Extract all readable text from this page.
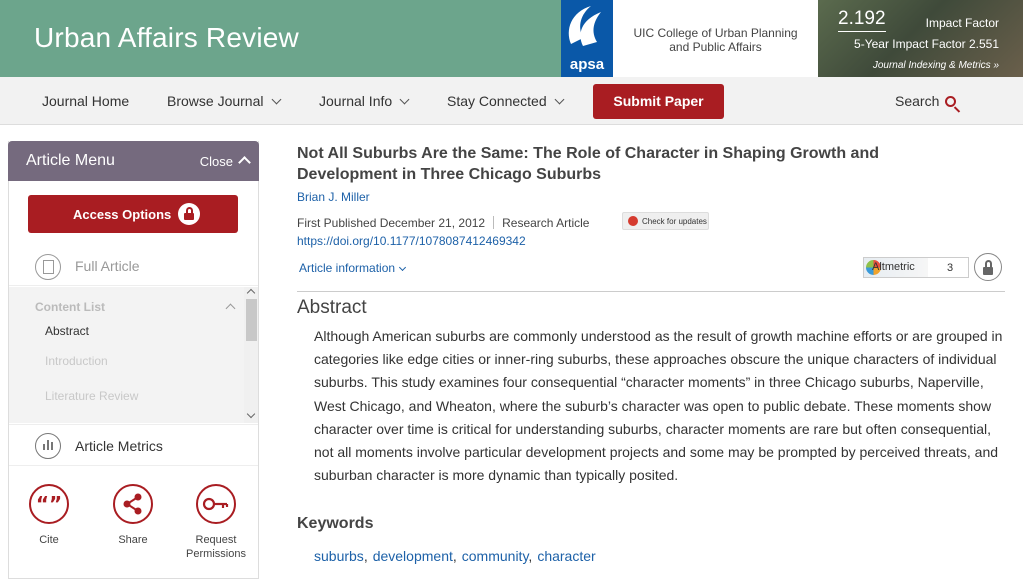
Urban Affairs Review
apsa
UIC College of Urban Planning
and Public Affairs
2.192	Impact Factor
5-Year Impact Factor 2.551
Journal Indexing & Metrics »
Journal Home	Browse Journal	Journal Info	Stay Connected	Submit Paper	Search
Article Menu	Close
Access Options
Full Article
Content List
Abstract
Introduction
Literature Review
Article Metrics
“”
Cite	Share	Request
Permissions
Not All Suburbs Are the Same: The Role of Character in Shaping Growth and Development in Three Chicago Suburbs
Brian J. Miller
First Published December 21, 2012 Research Article	Check for updates
https://doi.org/10.1177/1078087412469342
Article information	Altmetric	3
Abstract
Although American suburbs are commonly understood as the result of growth machine efforts or are grouped in categories like edge cities or inner-ring suburbs, these approaches obscure the unique characters of individual suburbs. This study examines four consequential “character moments” in three Chicago suburbs, Naperville, West Chicago, and Wheaton, where the suburb’s character was open to public debate. These moments show character over time is critical for understanding suburbs, character moments are rare but often consequential, not all moments involve particular development projects and some may be prompted by perceived threats, and suburban character is more dynamic than typically posited.
Keywords
suburbs, development, community, character
